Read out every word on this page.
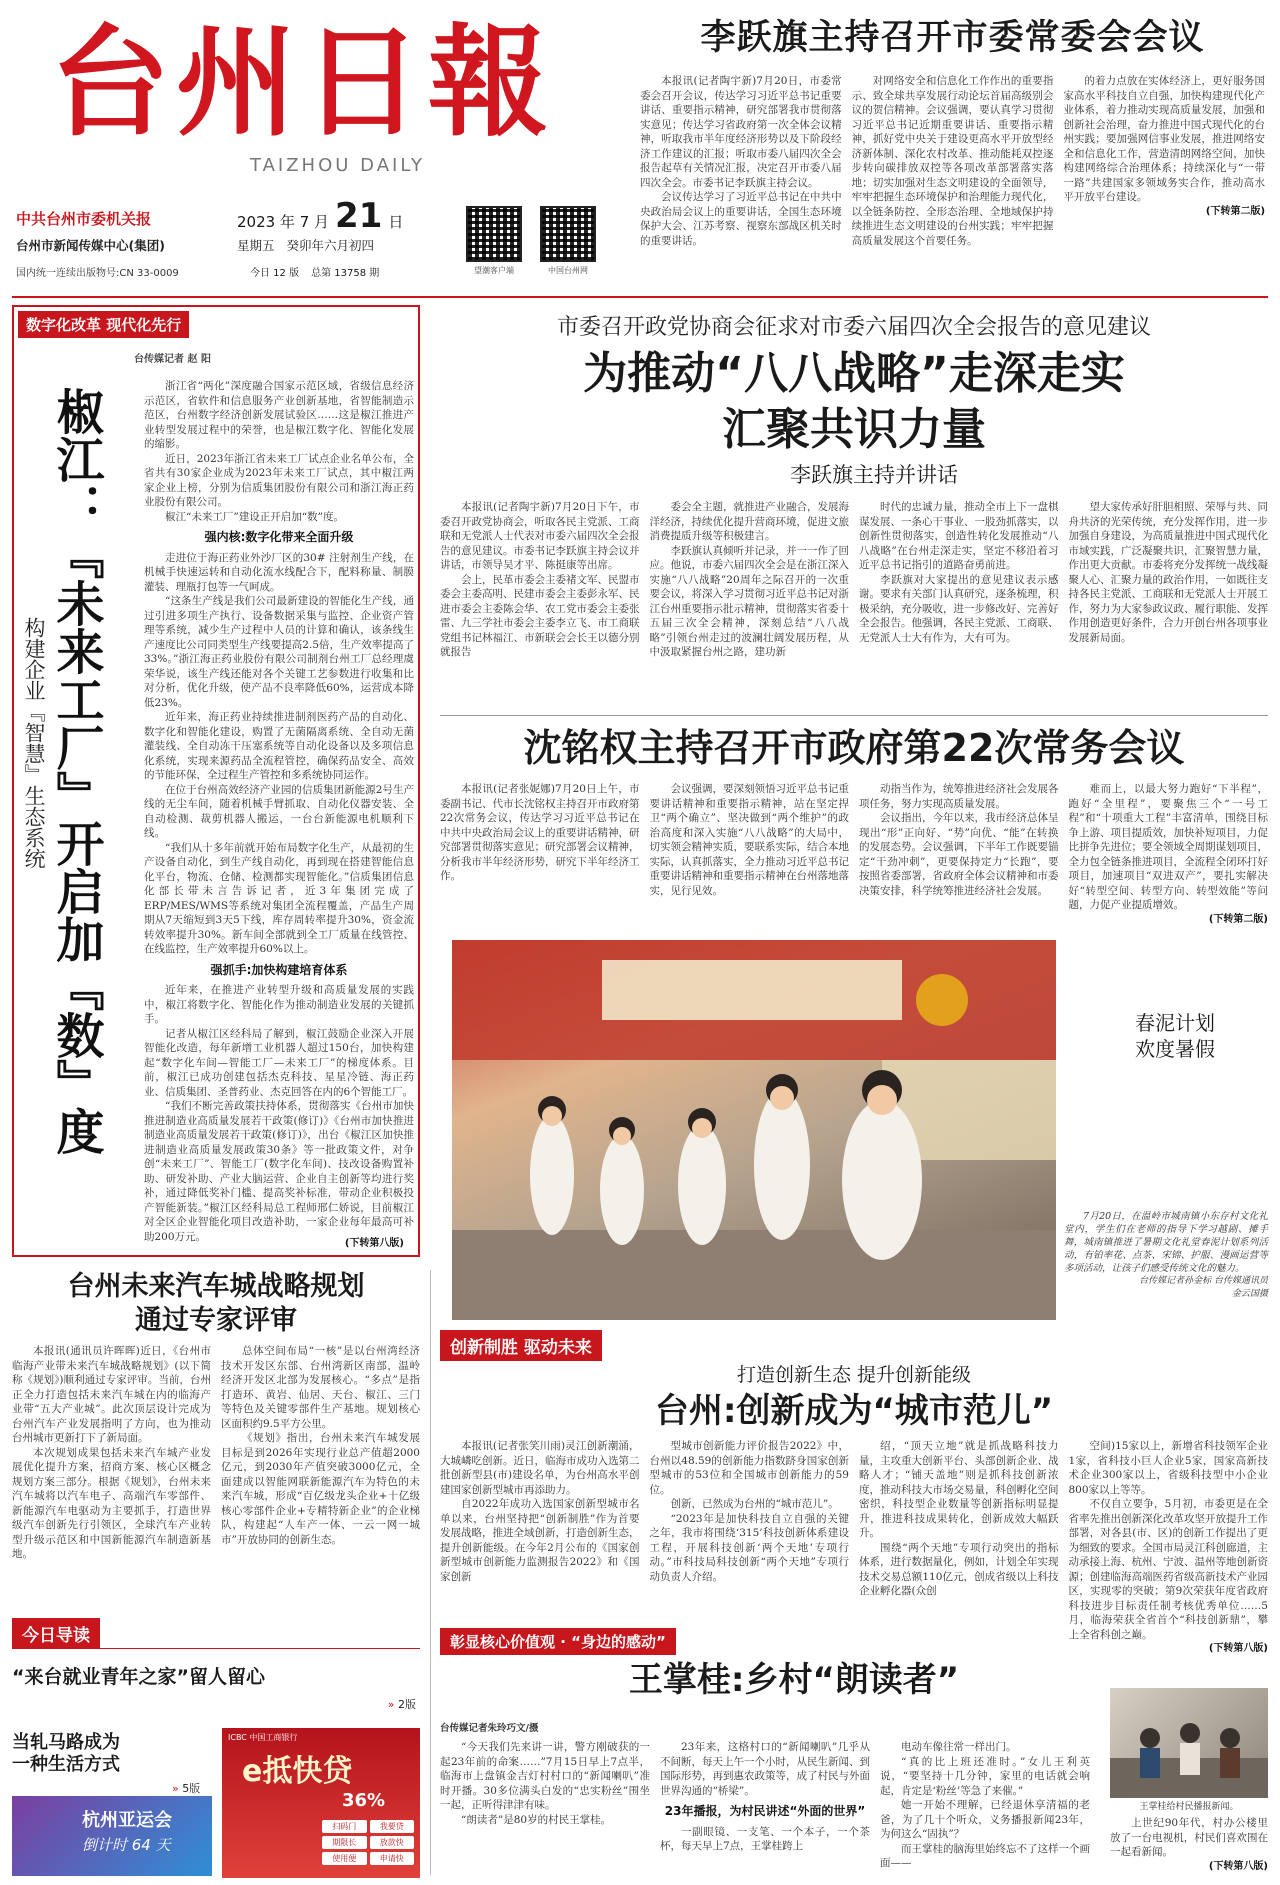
台州日報
TAIZHOU DAILY
中共台州市委机关报
台州市新闻传媒中心(集团)
国内统一连续出版物号:CN 33-0009
2023 年 7 月 21 日
星期五 癸卯年六月初四
今日 12 版 总第 13758 期	望潮客户端	中国台州网
李跃旗主持召开市委常委会会议

本报讯(记者陶宇新)7月20日，市委常委会召开会议，传达学习习近平总书记重要讲话、重要指示精神，研究部署我市贯彻落实意见；传达学习省政府第一次全体会议精神，听取我市半年度经济形势以及下阶段经济工作建议的汇报；听取市委八届四次全会报告起草有关情况汇报，决定召开市委八届四次全会。市委书记李跃旗主持会议。

会议传达学习了习近平总书记在中共中央政治局会议上的重要讲话，全国生态环境保护大会、江苏考察、视察东部战区机关时的重要讲话。

对网络安全和信息化工作作出的重要指示、致全球共享发展行动论坛首届高级别会议的贺信精神。会议强调，要认真学习贯彻习近平总书记近期重要讲话、重要指示精神，抓好党中央关于建设更高水平开放型经济新体制、深化农村改革、推动能耗双控逐步转向碳排放双控等各项改革部署落实落地；切实加强对生态文明建设的全面领导，牢牢把握生态环境保护和治理能力现代化，以全链条防控、全形态治理、全地域保护持续推进生态文明建设的台州实践；牢牢把握高质量发展这个首要任务。

的着力点放在实体经济上，更好服务国家高水平科技自立自强，加快构建现代化产业体系，着力推动实现高质量发展，加强和创新社会治理，奋力推进中国式现代化的台州实践；要加强网信事业发展，推进网络安全和信息化工作，营造清朗网络空间，加快构建网络综合治理体系；持续深化与“一带一路”共建国家多领域务实合作，推动高水平开放平台建设。

(下转第二版)
数字化改革 现代化先行
台传媒记者 赵 阳
椒江：『未来工厂』开启加『数』度
构建企业『智慧』生态系统

浙江省“两化”深度融合国家示范区域，省级信息经济示范区，省软件和信息服务产业创新基地，省智能制造示范区，台州数字经济创新发展试验区……这是椒江推进产业转型发展过程中的荣誉，也是椒江数字化、智能化发展的缩影。

近日，2023年浙江省未来工厂试点企业名单公布，全省共有30家企业成为2023年未来工厂试点，其中椒江两家企业上榜，分别为信质集团股份有限公司和浙江海正药业股份有限公司。

椒江“未来工厂”建设正开启加“数”度。

强内核:数字化带来全面升级

走进位于海正药业外沙厂区的30# 注射剂生产线，在机械手快速运转和自动化流水线配合下，配料称量、制膜灌装、理瓶打包等一气呵成。

“这条生产线是我们公司最新建设的智能化生产线，通过引进多项生产执行、设备数据采集与监控、企业资产管理等系统，减少生产过程中人员的计算和确认，该条线生产速度比公司同类型生产线要提高2.5倍，生产效率提高了33%。”浙江海正药业股份有限公司制剂台州工厂总经理虞荣华说，该生产线还能对各个关键工艺参数进行收集和比对分析，优化升级，使产品不良率降低60%，运营成本降低23%。

近年来，海正药业持续推进制剂医药产品的自动化、数字化和智能化建设，购置了无菌隔离系统、全自动无菌灌装线、全自动冻干压塞系统等自动化设备以及多项信息化系统，实现来源药品全流程管控，确保药品安全、高效的节能环保，全过程生产管控和多系统协同运作。

在位于台州高效经济产业园的信质集团新能源2号生产线的无尘车间，随着机械手臂抓取、自动化仪器安装、全自动检测、裁剪机器人搬运，一台台新能源电机顺利下线。

“我们从十多年前就开始布局数字化生产，从最初的生产设备自动化，到生产线自动化，再到现在搭建智能信息化平台，物流、仓储、检测都实现智能化。”信质集团信息化部长带未言告诉记者，近3年集团完成了ERP/MES/WMS等系统对集团全流程覆盖，产品生产周期从7天缩短到3天5下线，库存周转率提升30%，资金流转效率提升30%。新车间全部就到全工厂质量在线管控、在线监控，生产效率提升60%以上。

强抓手:加快构建培育体系

近年来，在推进产业转型升级和高质量发展的实践中，椒江将数字化、智能化作为推动制造业发展的关键抓手。

记者从椒江区经科局了解到，椒江鼓励企业深入开展智能化改造，每年新增工业机器人超过150台，加快构建起“数字化车间—智能工厂—未来工厂”的梯度体系。目前，椒江已成功创建包括杰克科技、星星冷链、海正药业、信质集团、圣普药业、杰克回答在内的6个智能工厂。

“我们不断完善政策扶持体系，贯彻落实《台州市加快推进制造业高质量发展若干政策(修订)》《台州市加快推进制造业高质量发展若干政策(修订)》，出台《椒江区加快推进制造业高质量发展政策30条》等一批政策文件，对争创“未来工厂”、智能工厂(数字化车间)、技改设备购置补助、研发补助、产业大脑运营、企业自主创新等均进行奖补，通过降低奖补门槛、提高奖补标准，带动企业积极投产智能新装。”椒江区经科局总工程师邢仁娇说，目前椒江对全区企业智能化项目改造补助，一家企业每年最高可补助200万元。

(下转第八版)
市委召开政党协商会征求对市委六届四次全会报告的意见建议
为推动“八八战略”走深走实
汇聚共识力量
李跃旗主持并讲话

本报讯(记者陶宇新)7月20日下午，市委召开政党协商会，听取各民主党派、工商联和无党派人士代表对市委六届四次全会报告的意见建议。市委书记李跃旗主持会议并讲话，市领导吴才平、陈挺康等出席。

会上，民革市委会主委褚文军、民盟市委会主委高明、民建市委会主委彭永军、民进市委会主委陈会华、农工党市委会主委张雷、九三学社市委会主委李立飞、市工商联党组书记林福江、市新联会会长王以德分别就报告

委会全主题，就推进产业融合，发展海洋经济，持续优化提升营商环境，促进文旅消费提质升级等积极建言。

李跃旗认真倾听并记录，并一一作了回应。他说，市委六届四次全会是在浙江深入实施“八八战略”20周年之际召开的一次重要会议，将深入学习贯彻习近平总书记对浙江台州重要指示批示精神，贯彻落实省委十五届三次全会精神，深刻总结“八八战略”引领台州走过的波澜壮阔发展历程，从中汲取紧握台州之路，建功新

时代的忠诚力量，推动全市上下一盘棋谋发展、一条心干事业、一股劲抓落实，以创新性贯彻落实，创造性转化发展推动“八八战略”在台州走深走实，坚定不移沿着习近平总书记指引的道路奋勇前进。

李跃旗对大家提出的意见建议表示感谢。要求有关部门认真研究，逐条梳理，积极采纳，充分吸收，进一步修改好、完善好全会报告。他强调，各民主党派、工商联、无党派人士大有作为，大有可为。

望大家传承好肝胆相照、荣辱与共、同舟共济的光荣传统，充分发挥作用，进一步加强自身建设，为高质量推进中国式现代化市域实践，广泛凝聚共识，汇聚智慧力量，作出更大贡献。市委将充分发挥统一战线凝聚人心、汇聚力量的政治作用，一如既往支持各民主党派、工商联和无党派人士开展工作，努力为大家参政议政、履行职能、发挥作用创造更好条件，合力开创台州各项事业发展新局面。

沈铭权主持召开市政府第22次常务会议

本报讯(记者张妮娜)7月20日上午，市委副书记、代市长沈铭权主持召开市政府第22次常务会议，传达学习习近平总书记在中共中央政治局会议上的重要讲话精神，研究部署贯彻落实意见；研究部署会议精神，分析我市半年经济形势，研究下半年经济工作。

会议强调，要深刻领悟习近平总书记重要讲话精神和重要指示精神，站在坚定捍卫“两个确立”、坚决做到“两个维护”的政治高度和深入实施“八八战略”的大局中，切实领会精神实质，要联系实际，结合本地实际，认真抓落实，全力推动习近平总书记重要讲话精神和重要指示精神在台州落地落实，见行见效。

动指当作为，统筹推进经济社会发展各项任务，努力实现高质量发展。

会议指出，今年以来，我市经济总体呈现出“形”正向好、“势”向优、“能”在转换的发展态势。会议强调，下半年工作既要锚定“干劲冲刺”，更要保持定力“长跑”，要按照省委部署，省政府全体会议精神和市委决策安排，科学统筹推进经济社会发展。

难而上，以最大努力跑好“下半程”，跑好“全里程”，要聚焦三个“一号工程”和“十项重大工程”丰富清单，围绕目标争上游、项目提质效，加快补短项目，力促比拼争先进位；要全领域全周期谋划项目，全力包全链条推进项目，全流程全闭环打好项目，加速项目“双进双产”，要扎实解决好“转型空间、转型方向、转型效能”等问题，力促产业提质增效。

(下转第二版)
春泥计划
欢度暑假

7月20日，在温岭市城南镇小东存村文化礼堂内，学生们在老师的指导下学习越剧、摊手舞，城南镇推进了暑期文化礼堂春泥计划系列活动，有铂率花、点茶、宋锦、护服、漫画运营等多项活动，让孩子们感受传统文化的魅力。

台传媒记者孙金标 台传媒通讯员
金云国摄
台州未来汽车城战略规划
通过专家评审

本报讯(通讯员许晖晖)近日，《台州市临海产业带未来汽车城战略规划》(以下简称《规划》)顺利通过专家评审。当前，台州正全力打造包括未来汽车城在内的临海产业带“五大产业城”。此次顶层设计完成为台州汽车产业发展指明了方向，也为推动台州城市更新打下了新局面。

本次规划成果包括未来汽车城产业发展优化提升方案，招商方案、核心区概念规划方案三部分。根据《规划》，台州未来汽车城将以汽车电子、高端汽车零部件、新能源汽车电驱动为主要抓手，打造世界级汽车创新先行引领区，全球汽车产业转型升级示范区和中国新能源汽车制造新基地。

总体空间布局“一核”是以台州湾经济技术开发区东部、台州湾新区南部，温岭经济开发区北部为发展核心。“多点”是指打造环、黄岩、仙居、天台、椒江、三门等特色及关键零部件生产基地。规划核心区面积约9.5平方公里。

《规划》指出，台州未来汽车城发展目标是到2026年实现行业总产值超2000亿元，到2030年产值突破3000亿元，全面建成以智能网联新能源汽车为特色的未来汽车城，形成“百亿级龙头企业+十亿级核心零部件企业+专精特新企业”的企业梯队，构建起“人车产一体、一云一网一城市”开放协同的创新生态。

创新制胜 驱动未来
打造创新生态 提升创新能级
台州:创新成为“城市范儿”

本报讯(记者张笑川雨)灵江创新潮涌，大城嶙吃创新。近日，临海市成功入选第二批创新型县(市)建设名单，为台州高水平创建国家创新型城市再添助力。

自2022年成功入选国家创新型城市名单以来，台州坚持把“创新制胜”作为首要发展战略，推进全域创新，打造创新生态，提升创新能级。在今年2月公布的《国家创新型城市创新能力监测报告2022》和《国家创新

型城市创新能力评价报告2022》中，台州以48.59的创新能力指数跻身国家创新型城市的53位和全国城市创新能力的59位。

创新，已然成为台州的“城市范儿”。

“2023年是加快科技自立自强的关键之年，我市将围绕‘315’科技创新体系建设工程，开展科技创新‘两个天地’专项行动。”市科技局科技创新“两个天地”专项行动负责人介绍。

绍，“顶天立地”就是抓战略科技力量，主攻重大创新平台、头部创新企业、战略人才；“铺天盖地”则是抓科技创新浓度，推动科技大市场交易量，科创孵化空间密织，科技型企业数量等创新指标明显提升，推进科技成果转化，创新成效大幅跃升。

围绕“两个天地”专项行动突出的指标体系，进行数据量化，例如，计划全年实现技术交易总额110亿元，创成省级以上科技企业孵化器(众创

空间)15家以上，新增省科技领军企业1家，省科技小巨人企业5家，国家高新技术企业300家以上，省级科技型中小企业800家以上等等。

不仅自立要争，5月初，市委更是在全省率先推出创新深化改革攻坚开放提升工作部署，对各县(市、区)的创新工作提出了更为细致的要求。全国市局灵江科创廊道，主动承接上海、杭州、宁波、温州等地创新资源；创建临海高端医药省级高新技术产业园区，实现零的突破；第9次荣获年度省政府科技进步目标责任制考核优秀单位……5月，临海荣获全省首个“科技创新鼎”，攀上全省科创之巅。

(下转第八版)
今日导读
“来台就业青年之家”留人留心
» 2版
当轧马路成为
一种生活方式
» 5版
杭州亚运会
倒计时 64 天
ICBC 中国工商银行
e抵快贷
36%
扫码门	我要贷
期限长	放款快
使用便	申请快
彰显核心价值观 · “身边的感动”
王掌桂:乡村“朗读者”
台传媒记者朱玲巧文/摄

“今天我们先来讲一讲，警方刚破获的一起23年前的命案……”7月15日早上7点半，临海市上盘镇金吉灯村村口的“新闻喇叭”准时开播。30多位满头白发的“忠实粉丝”围坐一起，正听得津津有味。

“朗读者”是80岁的村民王掌桂。

23年来，这格村口的“新闻喇叭”几乎从不间断，每天上午一个小时，从民生新闻、到国际形势，再到惠农政策等，成了村民与外面世界沟通的“桥梁”。

23年播报，为村民讲述“外面的世界”

一副眼镜、一支笔、一个本子，一个茶杯，每天早上7点，王掌桂跨上

电动车像往常一样出门。

“真的比上班还准时。”女儿王利英说，“要坚持十几分钟，家里的电话就会响起，肯定是‘粉丝’等急了来催。”

她一开始不理解，已经退休享清福的老爸，为了几十个听众，义务播报新闻23年，为何这么“固执”？

而王掌桂的脑海里始终忘不了这样一个画面——

王掌桂给村民播报新闻。

上世纪90年代，村办公楼里放了一台电视机，村民们喜欢围在一起看新闻。

(下转第八版)
